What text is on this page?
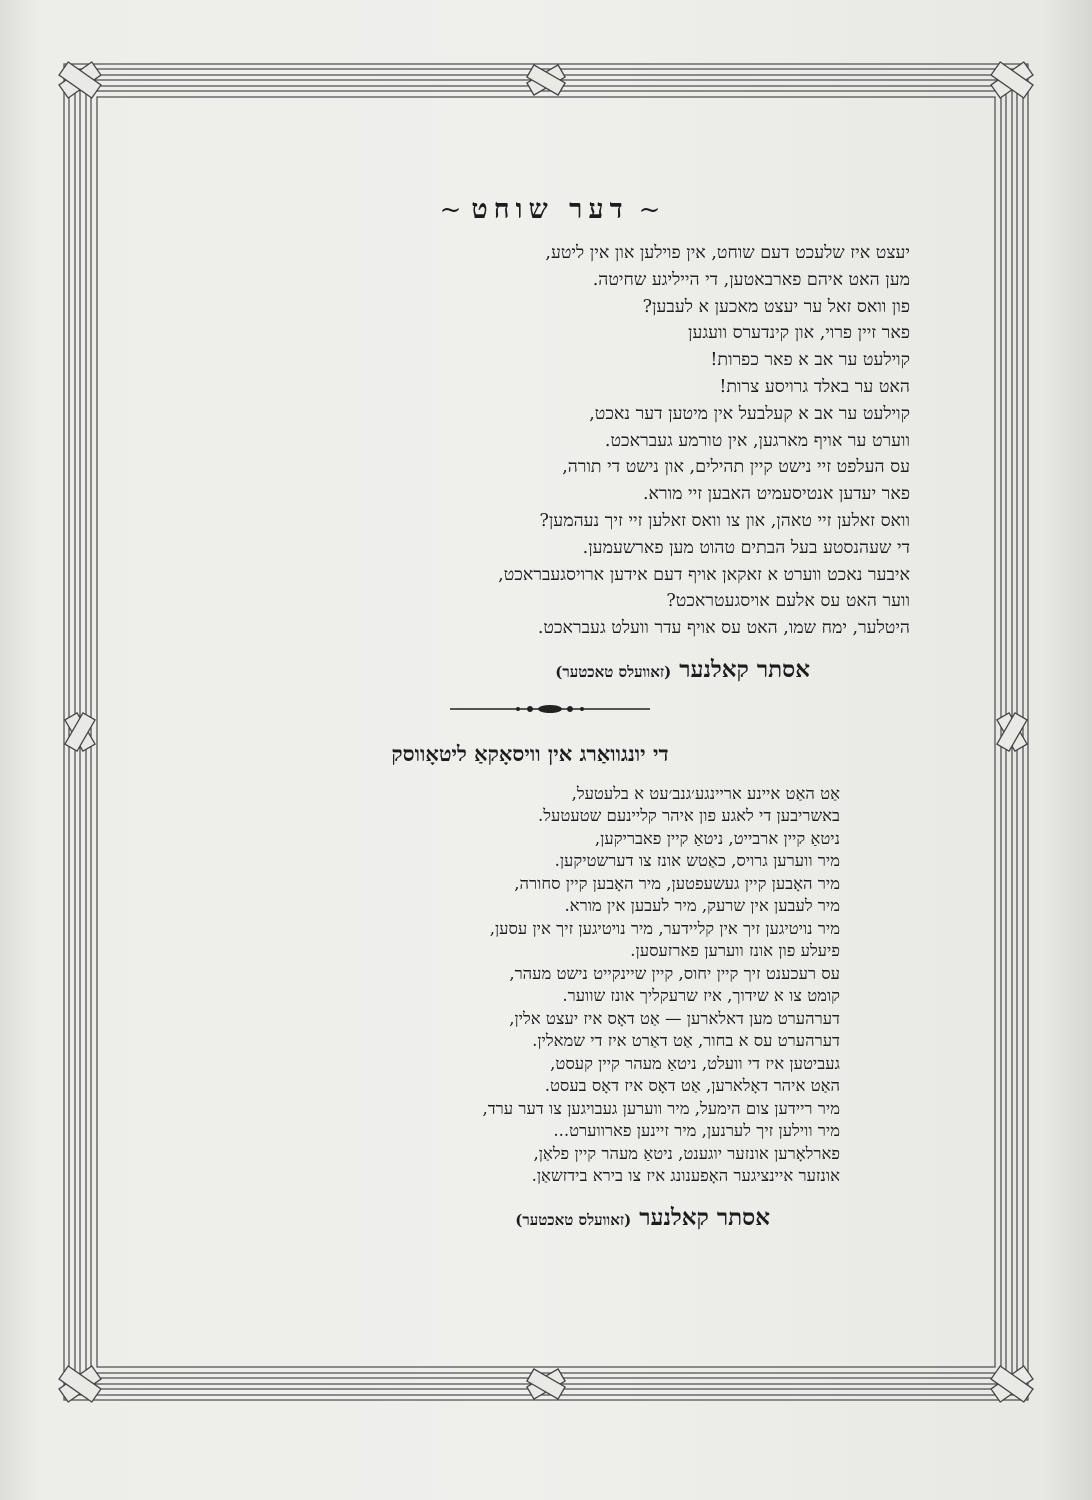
~דער שוחט~
יעצט איז שלעכט דעם שוחט, אין פוילען און אין ליטע,
מען האט איהם פארבאטען, די הייליגע שחיטה.
פון וואס זאל ער יעצט מאכען א לעבען?
פאר זיין פרוי, און קינדערס וועגען
קוילעט ער אב א פאר כפרות!
האט ער באלד גרויסע צרות!
קוילעט ער אב א קעלבעל אין מיטען דער נאכט,
ווערט ער אויף מארגען, אין טורמע געבראכט.
עס העלפט זיי נישט קיין תהילים, און נישט די תורה,
פאר יעדען אנטיסעמיט האבען זיי מורא.
וואס זאלען זיי טאהן, און צו וואס זאלען זיי זיך נעהמען?
די שעהנסטע בעל הבתים טהוט מען פארשעמען.
איבער נאכט ווערט א זאקאן אויף דעם אידען ארויסגעבראכט,
ווער האט עס אלעם אויסגעטראכט?
היטלער, ימח שמו, האט עס אויף עדר וועלט געבראכט.
אסתר קאלנער (זאוועלס טאכטער)
די יונגוואַרג אין וויסאָקאַ ליטאָווסק
אַט האַט איינע אריינגע׳גנב׳עט א בלעטעל,
באשריבען די לאגע פון איהר קליינעם שטעטעל.
ניטאַ קיין ארבייט, ניטאַ קיין פאבריקען,
מיר ווערען גרויס, כאַטש אונז צו דערשטיקען.
מיר האָבען קיין געשעפטען, מיר האָבען קיין סחורה,
מיר לעבען אין שרעק, מיר לעבען אין מורא.
מיר נויטיגען זיך אין קליידער, מיר נויטיגען זיך אין עסען,
פיעלע פון אונז ווערען פארזעסען.
עס רעכענט זיך קיין יחוס, קיין שיינקייט נישט מעהר,
קומט צו א שידוך, איז שרעקליך אונז שווער.
דערהערט מען דאלארען — אַט דאָס איז יעצט אלין,
דערהערט עס א בחור, אַט דאַרט איז די שמאלין.
געביטען איז די וועלט, ניטאַ מעהר קיין קעסט,
האַט איהר דאָלארען, אַט דאָס איז דאָס בעסט.
מיר ריידען צום הימעל, מיר ווערען געבויגען צו דער ערד,
מיר ווילען זיך לערנען, מיר זיינען פארווערט...
פארלאָרען אונזער יוגענט, ניטאַ מעהר קיין פלאַן,
אונזער איינציגער האָפענונג איז צו בירא בידזשאַן.
אסתר קאלנער (זאוועלס טאכטער)
